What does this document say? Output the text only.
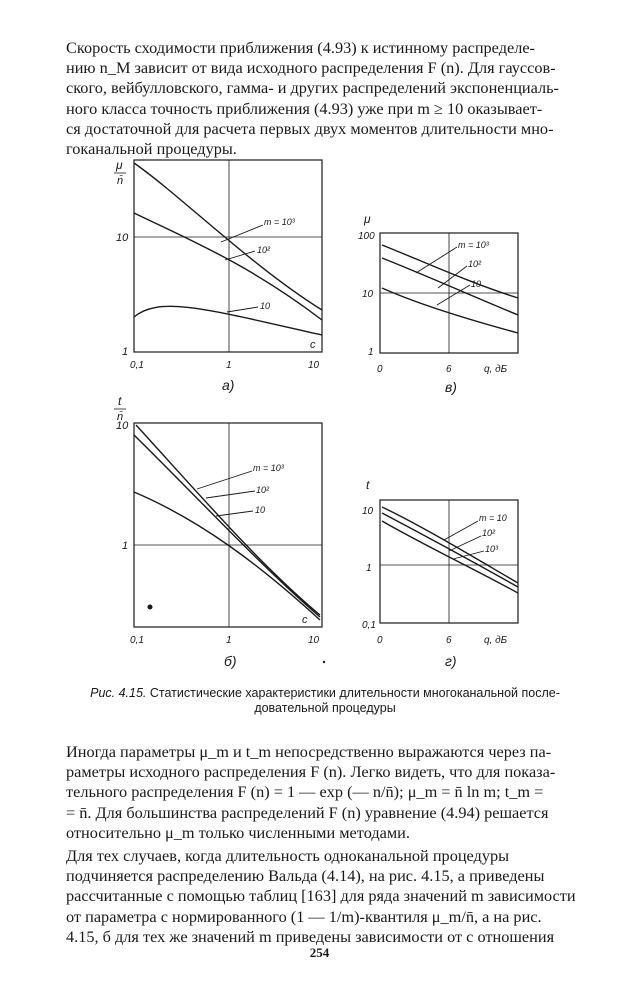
Скорость сходимости приближения (4.93) к истинному распределе-
нию n_M зависит от вида исходного распределения F (n). Для гауссов-
ского, вейбулловского, гамма- и других распределений экспоненциаль-
ного класса точность приближения (4.93) уже при m ≥ 10 оказывает-
ся достаточной для расчета первых двух моментов длительности мно-
гоканальной процедуры.

μ
n̄
10
1
0,1	1	10
c
m = 10³
10²
10
а)
μ
100
10
1
0	6	q, дБ
m = 10³
10²
10
в)
t
n̄
10
1
0,1	1	10
c
m = 10³
10²
10
б)
t
10
1
0,1
0	6	q, дБ
m = 10
10²
10³
г)
Рис. 4.15. Статистические характеристики длительности многоканальной после-
довательной процедуры

Иногда параметры μ_m и t_m непосредственно выражаются через па-
раметры исходного распределения F (n). Легко видеть, что для показа-
тельного распределения F (n) = 1 — exp (— n/n̄); μ_m = n̄ ln m; t_m =
= n̄. Для большинства распределений F (n) уравнение (4.94) решается
относительно μ_m только численными методами.

Для тех случаев, когда длительность одноканальной процедуры
подчиняется распределению Вальда (4.14), на рис. 4.15, а приведены
рассчитанные с помощью таблиц [163] для ряда значений m зависимости
от параметра c нормированного (1 — 1/m)-квантиля μ_m/n̄, а на рис.
4.15, б для тех же значений m приведены зависимости от c отношения

254
